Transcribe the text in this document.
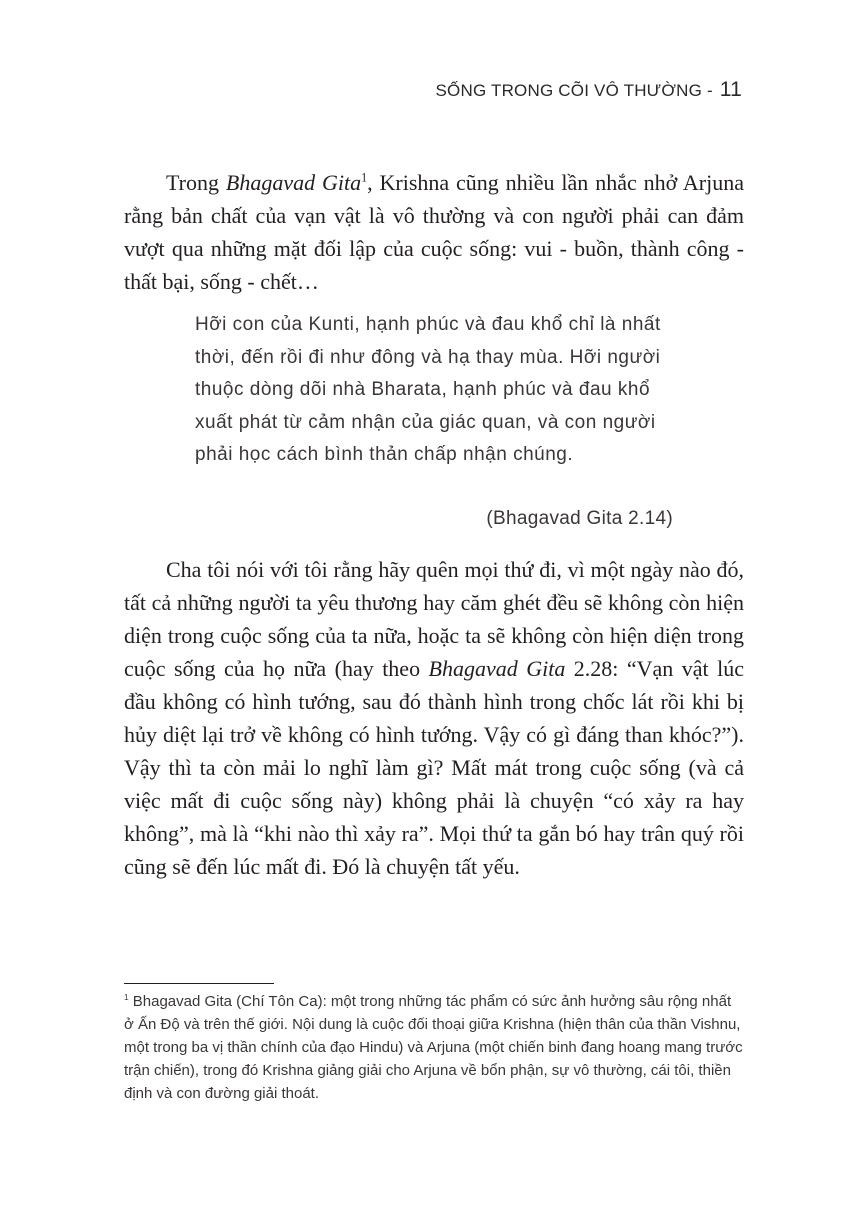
SỐNG TRONG CÕI VÔ THƯỜNG - 11

Trong Bhagavad Gita$^1$, Krishna cũng nhiều lần nhắc nhở Arjuna rằng bản chất của vạn vật là vô thường và con người phải can đảm vượt qua những mặt đối lập của cuộc sống: vui - buồn, thành công - thất bại, sống - chết…

Hỡi con của Kunti, hạnh phúc và đau khổ chỉ là nhất thời, đến rồi đi như đông và hạ thay mùa. Hỡi người thuộc dòng dõi nhà Bharata, hạnh phúc và đau khổ xuất phát từ cảm nhận của giác quan, và con người phải học cách bình thản chấp nhận chúng.

(Bhagavad Gita 2.14)

Cha tôi nói với tôi rằng hãy quên mọi thứ đi, vì một ngày nào đó, tất cả những người ta yêu thương hay căm ghét đều sẽ không còn hiện diện trong cuộc sống của ta nữa, hoặc ta sẽ không còn hiện diện trong cuộc sống của họ nữa (hay theo Bhagavad Gita 2.28: “Vạn vật lúc đầu không có hình tướng, sau đó thành hình trong chốc lát rồi khi bị hủy diệt lại trở về không có hình tướng. Vậy có gì đáng than khóc?”). Vậy thì ta còn mải lo nghĩ làm gì? Mất mát trong cuộc sống (và cả việc mất đi cuộc sống này) không phải là chuyện “có xảy ra hay không”, mà là “khi nào thì xảy ra”. Mọi thứ ta gắn bó hay trân quý rồi cũng sẽ đến lúc mất đi. Đó là chuyện tất yếu.

$^1$ Bhagavad Gita (Chí Tôn Ca): một trong những tác phẩm có sức ảnh hưởng sâu rộng nhất ở Ấn Độ và trên thế giới. Nội dung là cuộc đối thoại giữa Krishna (hiện thân của thần Vishnu, một trong ba vị thần chính của đạo Hindu) và Arjuna (một chiến binh đang hoang mang trước trận chiến), trong đó Krishna giảng giải cho Arjuna về bổn phận, sự vô thường, cái tôi, thiền định và con đường giải thoát.
